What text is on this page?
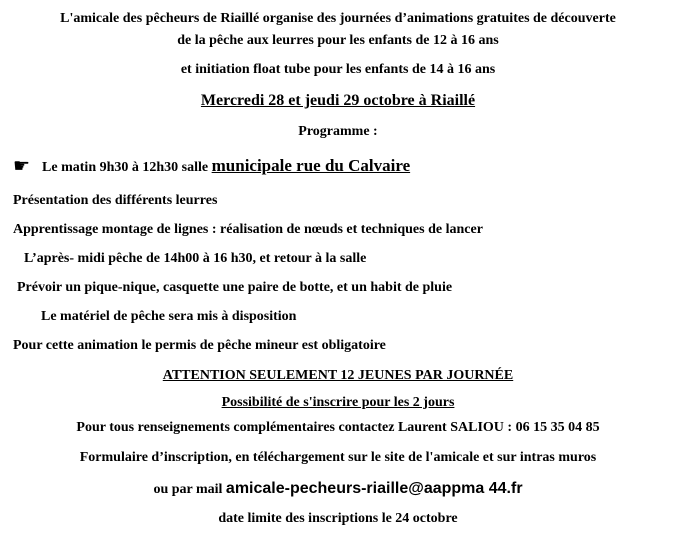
L'amicale des pêcheurs de Riaillé organise des journées d’animations gratuites de découverte
de la pêche aux leurres pour les enfants de 12 à 16 ans
et initiation float tube pour les enfants de 14 à 16 ans
Mercredi 28 et jeudi 29 octobre à Riaillé
Programme :
☛ Le matin 9h30 à 12h30 salle municipale rue du Calvaire
Présentation des différents leurres
Apprentissage montage de lignes : réalisation de nœuds et techniques de lancer
L’après- midi pêche de 14h00 à 16 h30, et retour à la salle
Prévoir un pique-nique, casquette une paire de botte, et un habit de pluie
Le matériel de pêche sera mis à disposition
Pour cette animation le permis de pêche mineur est obligatoire
ATTENTION SEULEMENT 12 JEUNES PAR JOURNÉE
Possibilité de s'inscrire pour les 2 jours
Pour tous renseignements complémentaires contactez Laurent SALIOU : 06 15 35 04 85
Formulaire d’inscription, en téléchargement sur le site de l'amicale et sur intras muros
ou par mail amicale-pecheurs-riaille@aappma 44.fr
date limite des inscriptions le 24 octobre
